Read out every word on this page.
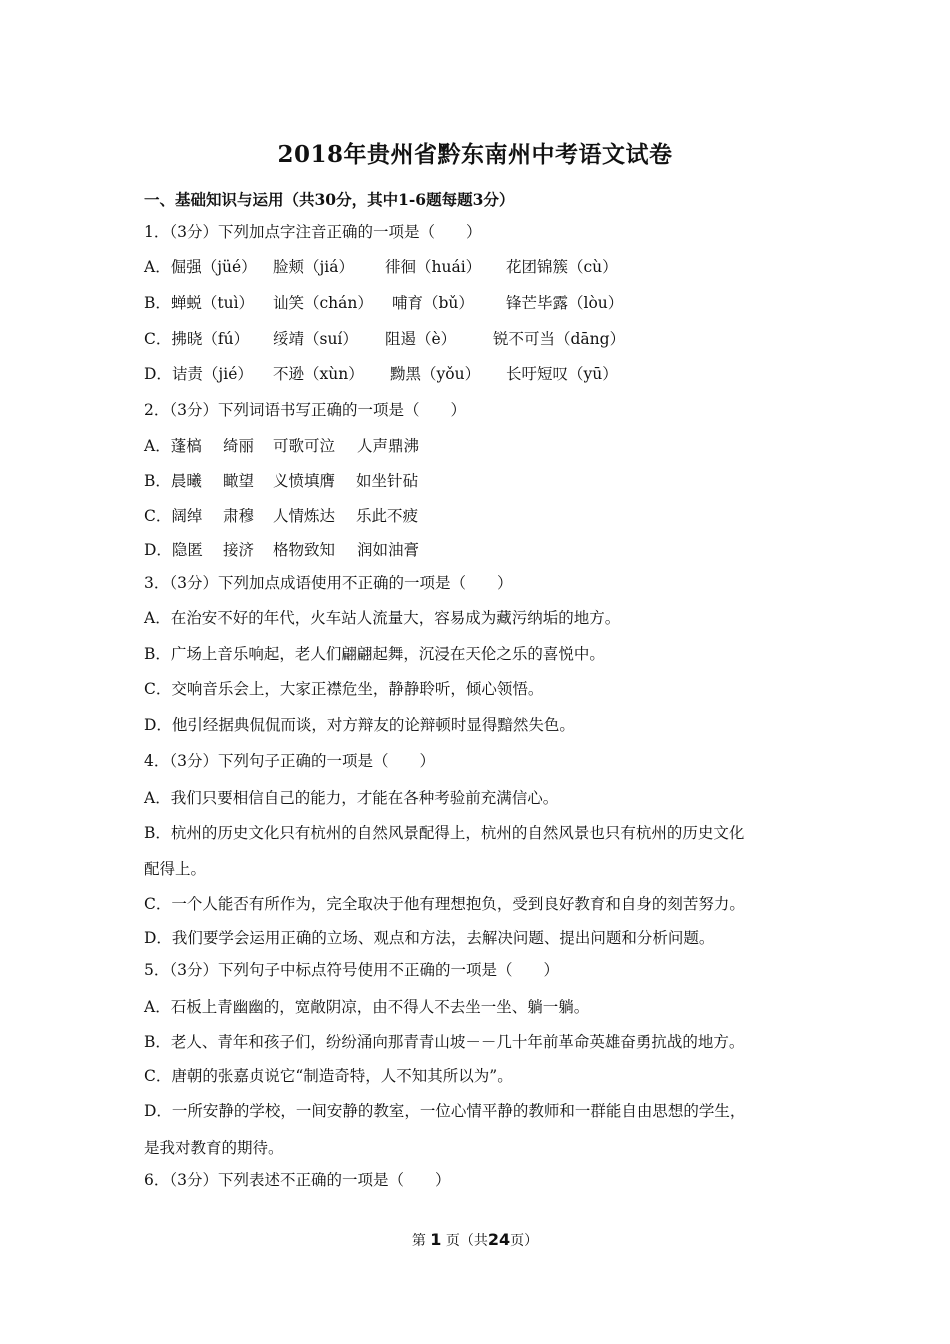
2018年贵州省黔东南州中考语文试卷
一、基础知识与运用（共30分，其中1-6题每题3分）
1．（3分）下列加点字注音正确的一项是（　　）
A．倔强（jüé） 脸颊（jiá） 徘徊（huái） 花团锦簇（cù）
B．蝉蜕（tuì） 讪笑（chán） 哺育（bǔ） 锋芒毕露（lòu）
C．拂晓（fú） 绥靖（suí） 阻遏（è） 锐不可当（dāng）
D．诘责（jié） 不逊（xùn） 黝黑（yǒu） 长吁短叹（yū）
2．（3分）下列词语书写正确的一项是（　　）
A．蓬槁 绮丽 可歌可泣 人声鼎沸
B．晨曦 瞰望 义愤填膺 如坐针砧
C．阔绰 肃穆 人情炼达 乐此不疲
D．隐匿 接济 格物致知 润如油膏
3．（3分）下列加点成语使用不正确的一项是（　　）
A．在治安不好的年代，火车站人流量大，容易成为藏污纳垢的地方。
B．广场上音乐响起，老人们翩翩起舞，沉浸在天伦之乐的喜悦中。
C．交响音乐会上，大家正襟危坐，静静聆听，倾心领悟。
D．他引经据典侃侃而谈，对方辩友的论辩顿时显得黯然失色。
4．（3分）下列句子正确的一项是（　　）
A．我们只要相信自己的能力，才能在各种考验前充满信心。
B．杭州的历史文化只有杭州的自然风景配得上，杭州的自然风景也只有杭州的历史文化
配得上。
C．一个人能否有所作为，完全取决于他有理想抱负，受到良好教育和自身的刻苦努力。
D．我们要学会运用正确的立场、观点和方法，去解决问题、提出问题和分析问题。
5．（3分）下列句子中标点符号使用不正确的一项是（　　）
A．石板上青幽幽的，宽敞阴凉，由不得人不去坐一坐、躺一躺。
B．老人、青年和孩子们，纷纷涌向那青青山坡－－几十年前革命英雄奋勇抗战的地方。
C．唐朝的张嘉贞说它“制造奇特，人不知其所以为”。
D．一所安静的学校，一间安静的教室，一位心情平静的教师和一群能自由思想的学生，
是我对教育的期待。
6．（3分）下列表述不正确的一项是（　　）
第 1 页（共24页）
